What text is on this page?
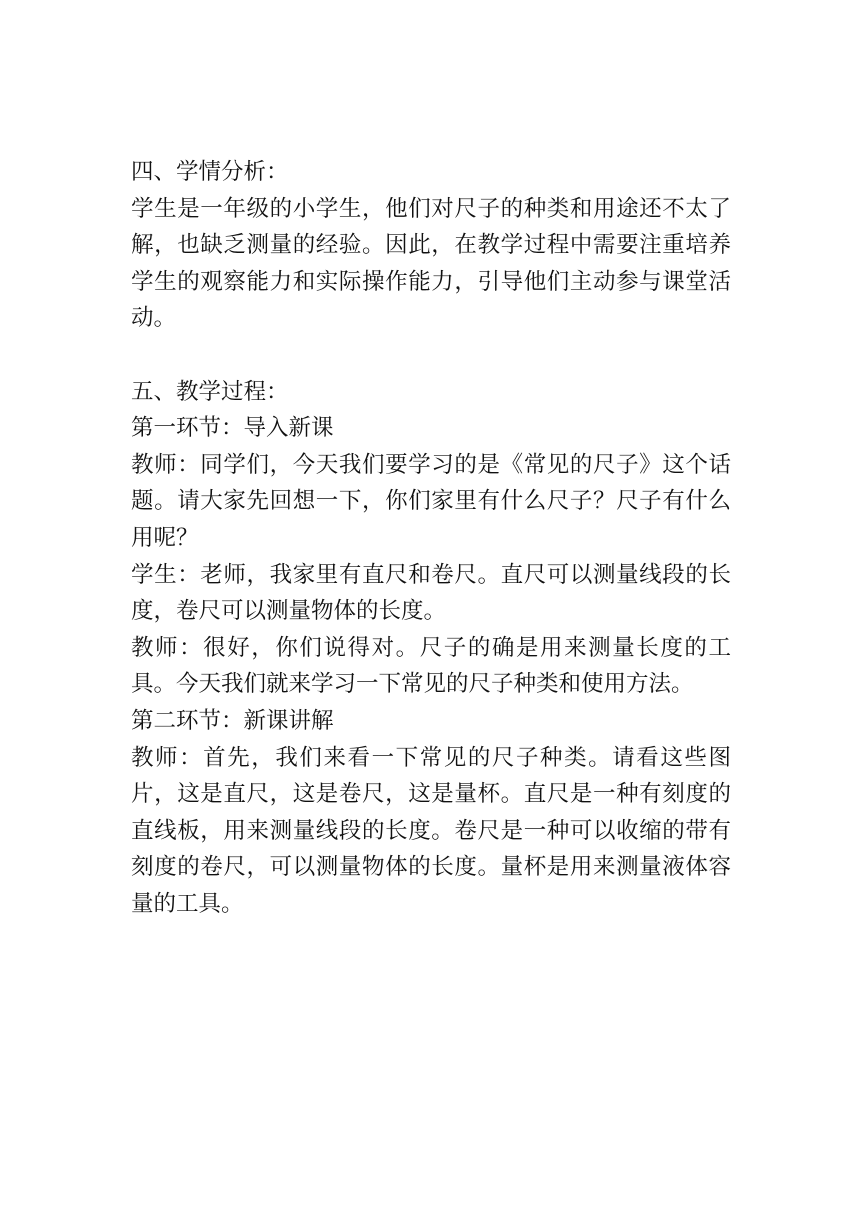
四、学情分析：

学生是一年级的小学生，他们对尺子的种类和用途还不太了解，也缺乏测量的经验。因此，在教学过程中需要注重培养学生的观察能力和实际操作能力，引导他们主动参与课堂活动。

五、教学过程：

第一环节：导入新课

教师：同学们，今天我们要学习的是《常见的尺子》这个话题。请大家先回想一下，你们家里有什么尺子？尺子有什么用呢？

学生：老师，我家里有直尺和卷尺。直尺可以测量线段的长度，卷尺可以测量物体的长度。

教师：很好，你们说得对。尺子的确是用来测量长度的工具。今天我们就来学习一下常见的尺子种类和使用方法。

第二环节：新课讲解

教师：首先，我们来看一下常见的尺子种类。请看这些图片，这是直尺，这是卷尺，这是量杯。直尺是一种有刻度的直线板，用来测量线段的长度。卷尺是一种可以收缩的带有刻度的卷尺，可以测量物体的长度。量杯是用来测量液体容量的工具。
